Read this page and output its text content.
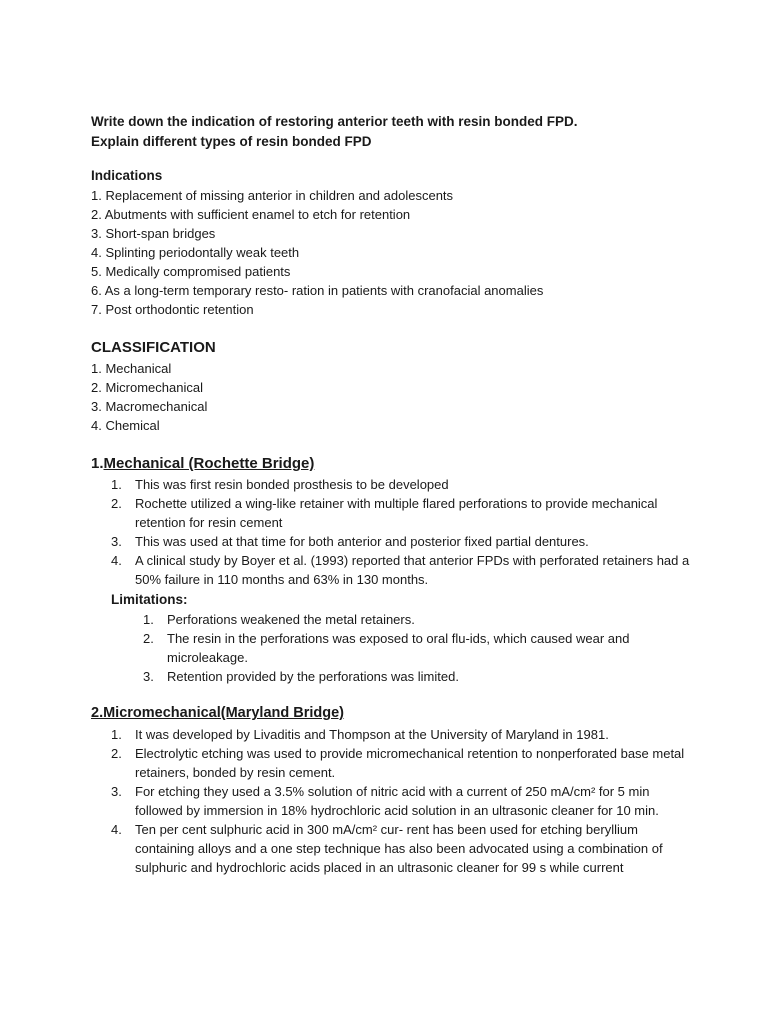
Write down the indication of restoring anterior teeth with resin bonded FPD.

Explain different types of resin bonded FPD

Indications

1. Replacement of missing anterior in children and adolescents
2. Abutments with sufficient enamel to etch for retention
3. Short-span bridges
4. Splinting periodontally weak teeth
5. Medically compromised patients
6. As a long-term temporary resto- ration in patients with cranofacial anomalies
7. Post orthodontic retention

CLASSIFICATION

1. Mechanical
2. Micromechanical
3. Macromechanical
4. Chemical

1.Mechanical (Rochette Bridge)

1. This was first resin bonded prosthesis to be developed
2. Rochette utilized a wing-like retainer with multiple flared perforations to provide mechanical retention for resin cement
3. This was used at that time for both anterior and posterior fixed partial dentures.
4. A clinical study by Boyer et al. (1993) reported that anterior FPDs with perforated retainers had a 50% failure in 110 months and 63% in 130 months.

Limitations:

1. Perforations weakened the metal retainers.
2. The resin in the perforations was exposed to oral flu-ids, which caused wear and microleakage.
3. Retention provided by the perforations was limited.

2.Micromechanical(Maryland Bridge)

1. It was developed by Livaditis and Thompson at the University of Maryland in 1981.
2. Electrolytic etching was used to provide micromechanical retention to nonperforated base metal retainers, bonded by resin cement.
3. For etching they used a 3.5% solution of nitric acid with a current of 250 mA/cm² for 5 min followed by immersion in 18% hydrochloric acid solution in an ultrasonic cleaner for 10 min.
4. Ten per cent sulphuric acid in 300 mA/cm² cur- rent has been used for etching beryllium containing alloys and a one step technique has also been advocated using a combination of sulphuric and hydrochloric acids placed in an ultrasonic cleaner for 99 s while current
